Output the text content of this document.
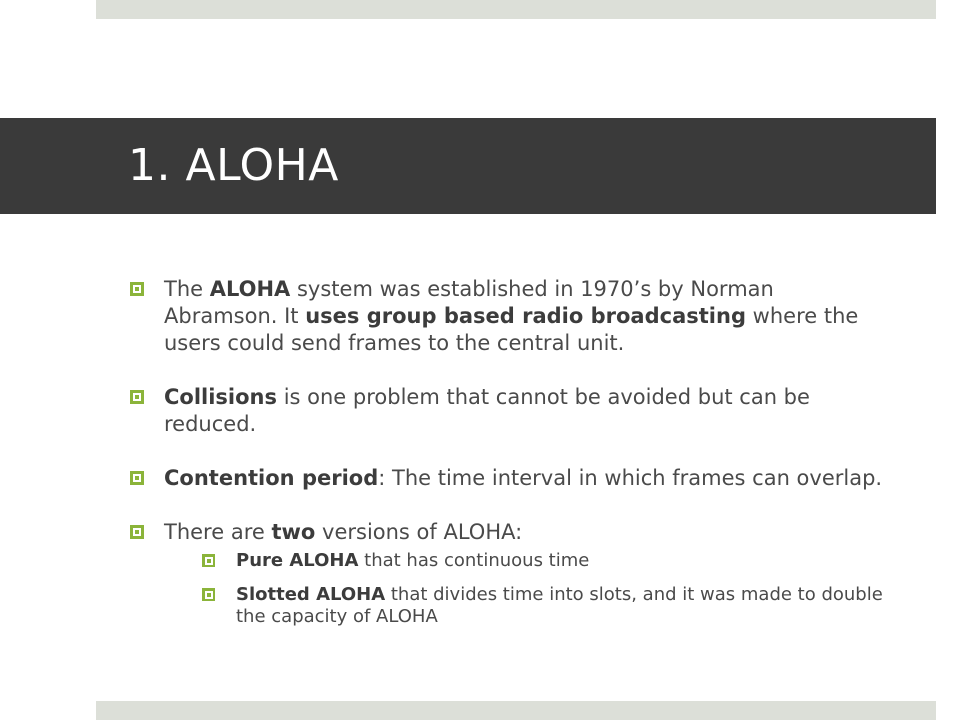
1. ALOHA
The ALOHA system was established in 1970’s by Norman Abramson. It uses group based radio broadcasting where the users could send frames to the central unit.
Collisions is one problem that cannot be avoided but can be reduced.
Contention period: The time interval in which frames can overlap.
There are two versions of ALOHA:
Pure ALOHA that has continuous time
Slotted ALOHA that divides time into slots, and it was made to double the capacity of ALOHA
